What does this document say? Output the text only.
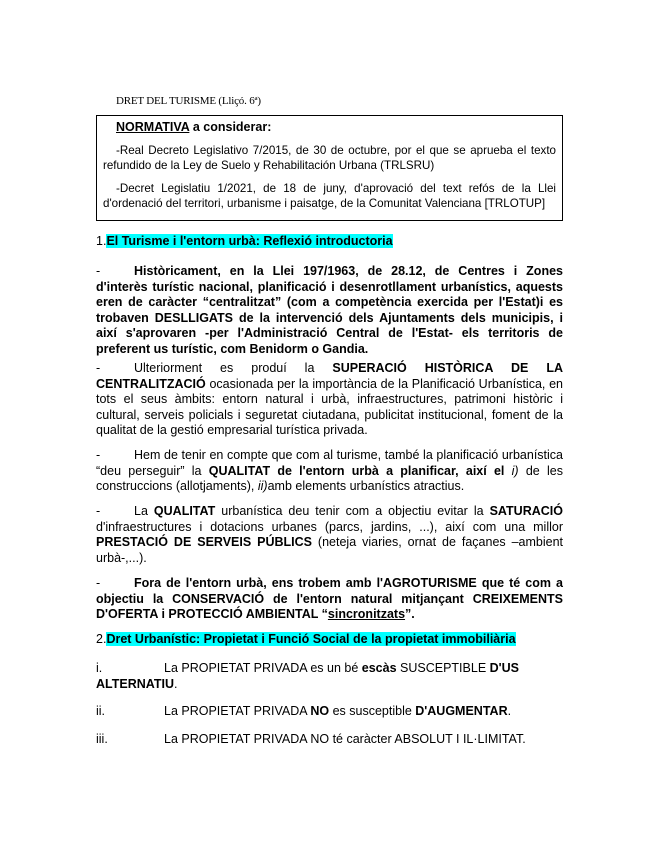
DRET DEL TURISME (Lliçó. 6ª)
NORMATIVA a considerar:
-Real Decreto Legislativo 7/2015, de 30 de octubre, por el que se aprueba el texto refundido de la Ley de Suelo y Rehabilitación Urbana (TRLSRU)
-Decret Legislatiu 1/2021, de 18 de juny, d'aprovació del text refós de la Llei d'ordenació del territori, urbanisme i paisatge, de la Comunitat Valenciana [TRLOTUP]
1.El Turisme i l'entorn urbà: Reflexió introductoria
-	Històricament, en la Llei 197/1963, de 28.12, de Centres i Zones d'interès turístic nacional, planificació i desenrotllament urbanístics, aquests eren de caràcter “centralitzat” (com a competència exercida per l'Estat)i es trobaven DESLLIGATS de la intervenció dels Ajuntaments dels municipis, i així s'aprovaren -per l'Administració Central de l'Estat- els territoris de preferent us turístic, com Benidorm o Gandia.
-	Ulteriorment es produí la SUPERACIÓ HISTÒRICA DE LA CENTRALITZACIÓ ocasionada per la importància de la Planificació Urbanística, en tots el seus àmbits: entorn natural i urbà, infraestructures, patrimoni històric i cultural, serveis policials i seguretat ciutadana, publicitat institucional, foment de la qualitat de la gestió empresarial turística privada.
-	Hem de tenir en compte que com al turisme, també la planificació urbanística “deu perseguir” la QUALITAT de l'entorn urbà a planificar, així el i) de les construccions (allotjaments), ii)amb elements urbanístics atractius.
-	La QUALITAT urbanística deu tenir com a objectiu evitar la SATURACIÓ d'infraestructures i dotacions urbanes (parcs, jardins, ...), així com una millor PRESTACIÓ DE SERVEIS PÚBLICS (neteja viaries, ornat de façanes –ambient urbà-,...).
-	Fora de l'entorn urbà, ens trobem amb l'AGROTURISME que té com a objectiu la CONSERVACIÓ de l'entorn natural mitjançant CREIXEMENTS D'OFERTA i PROTECCIÓ AMBIENTAL “sincronitzats”.
2.Dret Urbanístic: Propietat i Funció Social de la propietat immobiliària
i.	La PROPIETAT PRIVADA es un bé escàs SUSCEPTIBLE D'US ALTERNATIU.
ii.	La PROPIETAT PRIVADA NO es susceptible D'AUGMENTAR.
iii.	La PROPIETAT PRIVADA NO té caràcter ABSOLUT I IL·LIMITAT.
